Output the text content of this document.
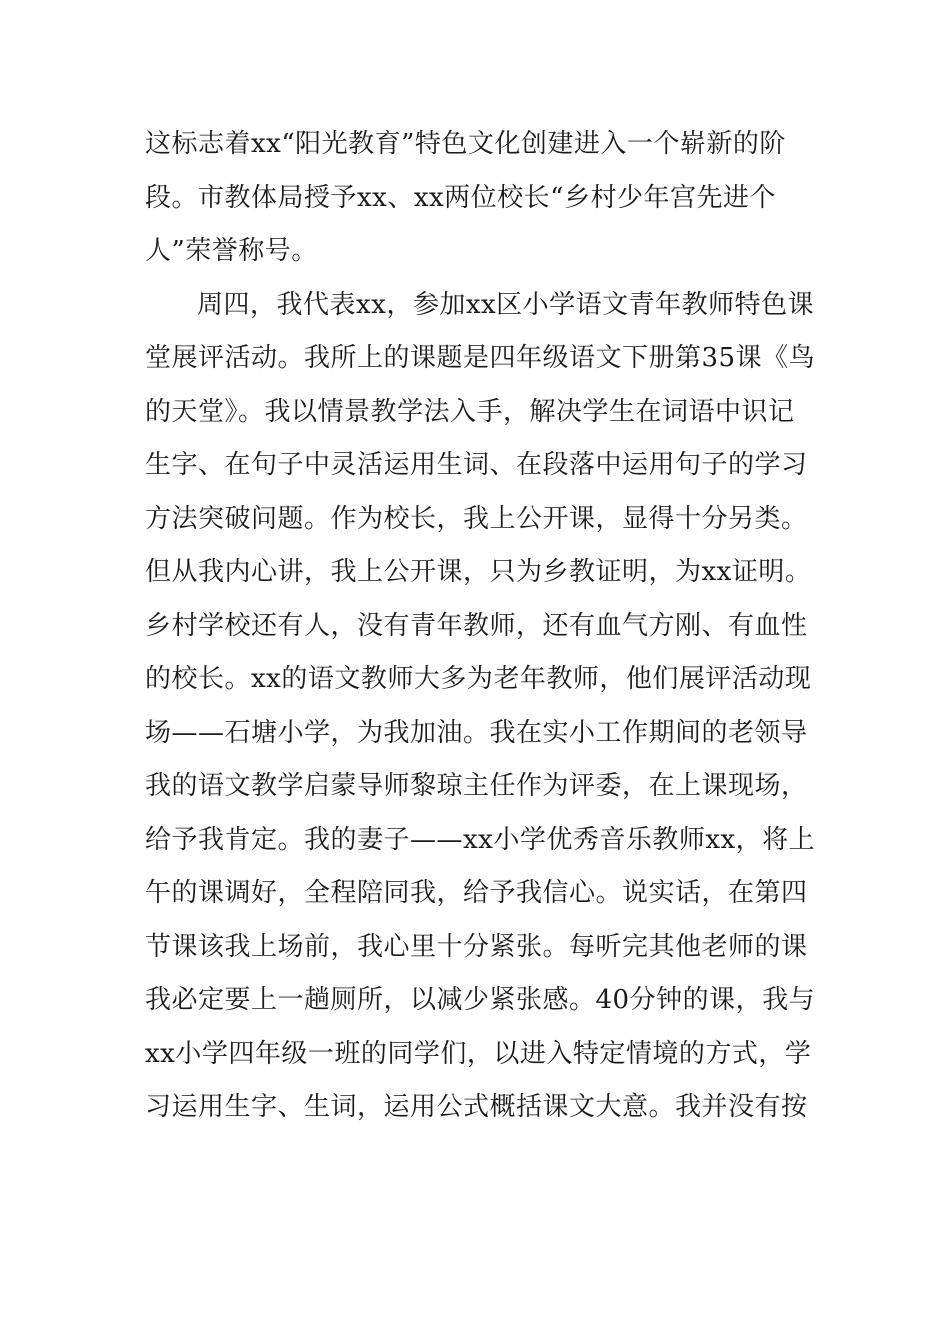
这标志着xx“阳光教育”特色文化创建进入一个崭新的阶
段。市教体局授予xx、xx两位校长“乡村少年宫先进个
人”荣誉称号。
周四，我代表xx，参加xx区小学语文青年教师特色课
堂展评活动。我所上的课题是四年级语文下册第35课《鸟
的天堂》。我以情景教学法入手，解决学生在词语中识记
生字、在句子中灵活运用生词、在段落中运用句子的学习
方法突破问题。作为校长，我上公开课，显得十分另类。
但从我内心讲，我上公开课，只为乡教证明，为xx证明。
乡村学校还有人，没有青年教师，还有血气方刚、有血性
的校长。xx的语文教师大多为老年教师，他们展评活动现
场——石塘小学，为我加油。我在实小工作期间的老领导
我的语文教学启蒙导师黎琼主任作为评委，在上课现场，
给予我肯定。我的妻子——xx小学优秀音乐教师xx，将上
午的课调好，全程陪同我，给予我信心。说实话，在第四
节课该我上场前，我心里十分紧张。每听完其他老师的课
我必定要上一趟厕所，以减少紧张感。40分钟的课，我与
xx小学四年级一班的同学们，以进入特定情境的方式，学
习运用生字、生词，运用公式概括课文大意。我并没有按
